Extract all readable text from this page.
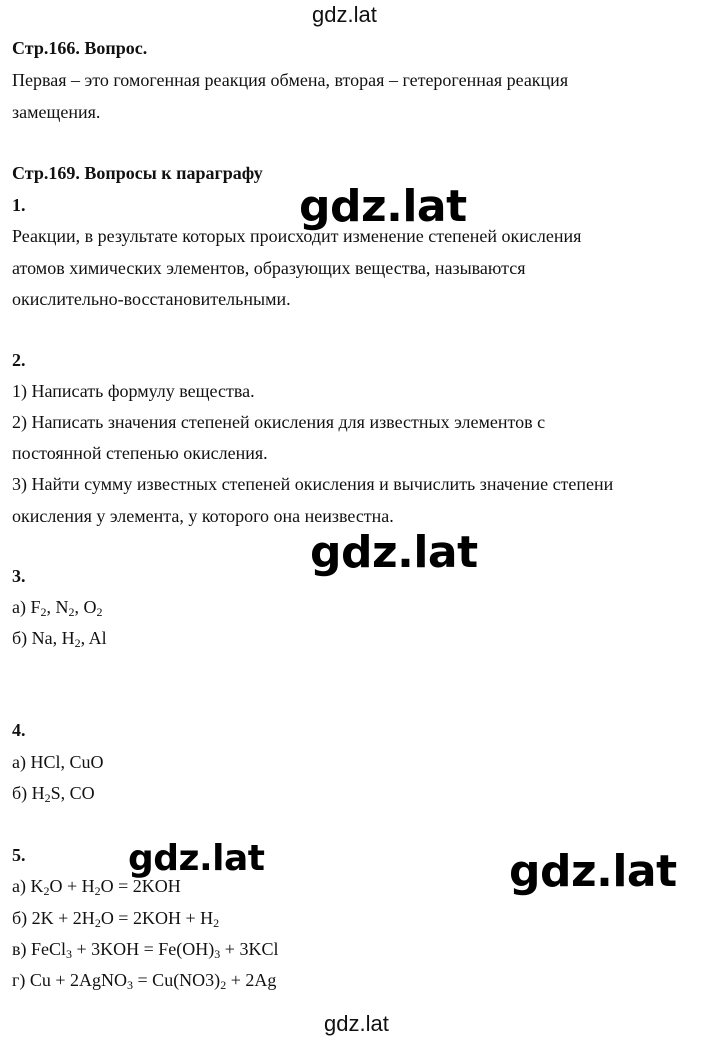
gdz.lat
gdz.lat
gdz.lat
gdz.lat	gdz.lat
gdz.lat
Стр.166. Вопрос.
Первая – это гомогенная реакция обмена, вторая – гетерогенная реакция
замещения.
Стр.169. Вопросы к параграфу
1.
Реакции, в результате которых происходит изменение степеней окисления
атомов химических элементов, образующих вещества, называются
окислительно-восстановительными.
2.
1) Написать формулу вещества.
2) Написать значения степеней окисления для известных элементов с
постоянной степенью окисления.
3) Найти сумму известных степеней окисления и вычислить значение степени
окисления у элемента, у которого она неизвестна.
3.
а) $F_2$, $N_2$, $O_2$
б) Na, $H_2$, Al
4.
а) HCl, CuO
б) $H_2S$, CO
5.
а) $K_2O + H_2O = 2KOH$
б) $2K + 2H_2O = 2KOH + H_2$
в) FeCl$_3$ + $3KOH = Fe(OH)_3 + 3KCl$
г) Cu + 2AgNO$_3$ = $Cu(NO3)_2 + 2Ag$
